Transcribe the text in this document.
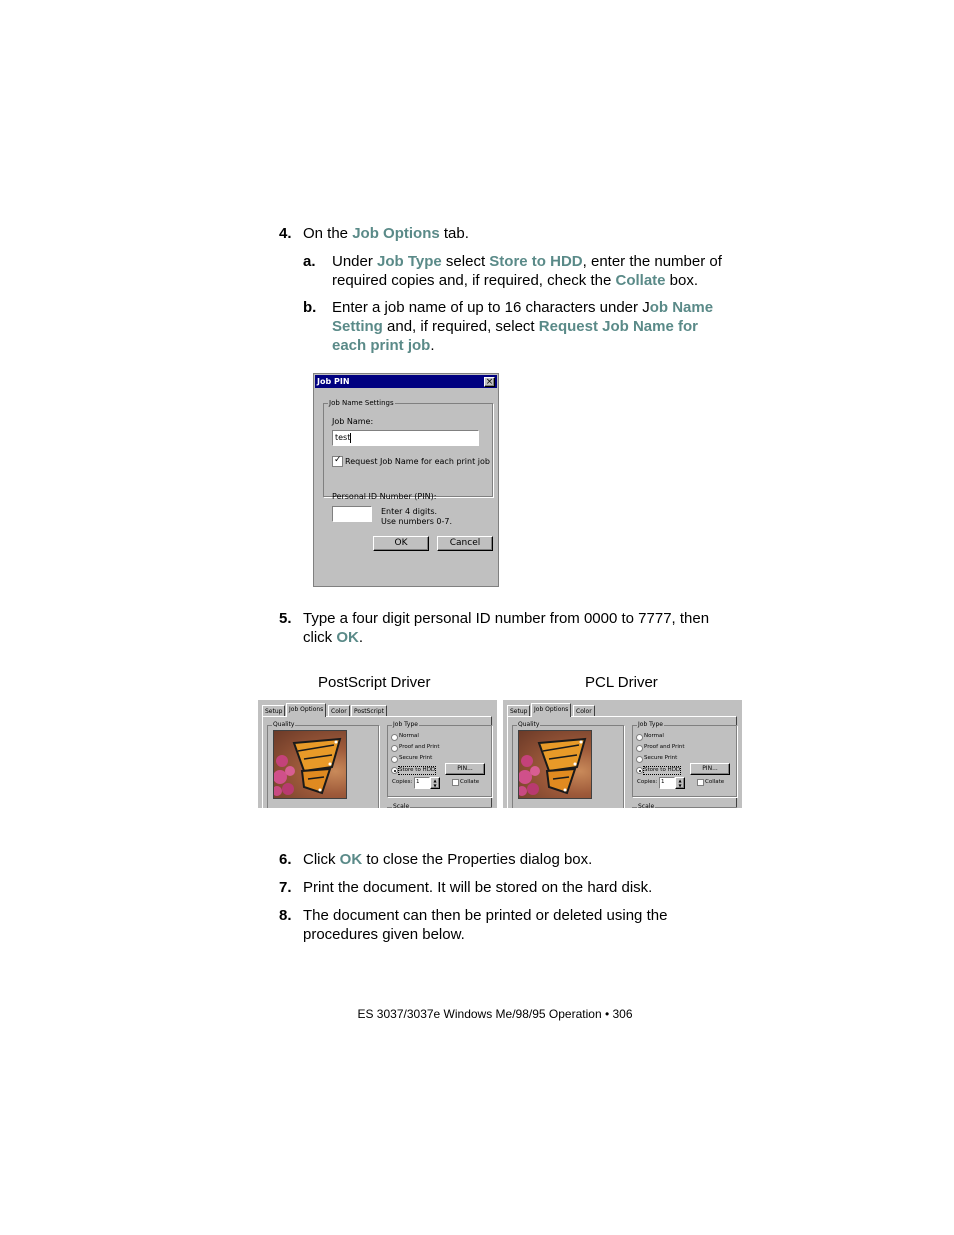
4. On the Job Options tab.
a. Under Job Type select Store to HDD, enter the number of required copies and, if required, check the Collate box.
b. Enter a job name of up to 16 characters under Job Name Setting and, if required, select Request Job Name for each print job.
Job PIN	×
Job Name Settings
Job Name:
test
✓ Request Job Name for each print job
Personal ID Number (PIN):
Enter 4 digits.
Use numbers 0-7.
OK	Cancel
5. Type a four digit personal ID number from 0000 to 7777, then click OK.
PostScript Driver	PCL Driver
Setup	Job Options	Color	PostScript
Quality	Job Type
Normal
Proof and Print
Secure Print
Store to HDD	PIN...
Copies: 1	▲
▼
Collate
Scale
Setup	Job Options	Color
Quality	Job Type
Normal
Proof and Print
Secure Print
Store to HDD	PIN...
Copies: 1	▲
▼
Collate
Scale
6. Click OK to close the Properties dialog box.
7. Print the document. It will be stored on the hard disk.
8. The document can then be printed or deleted using the procedures given below.
ES 3037/3037e Windows Me/98/95 Operation • 306
